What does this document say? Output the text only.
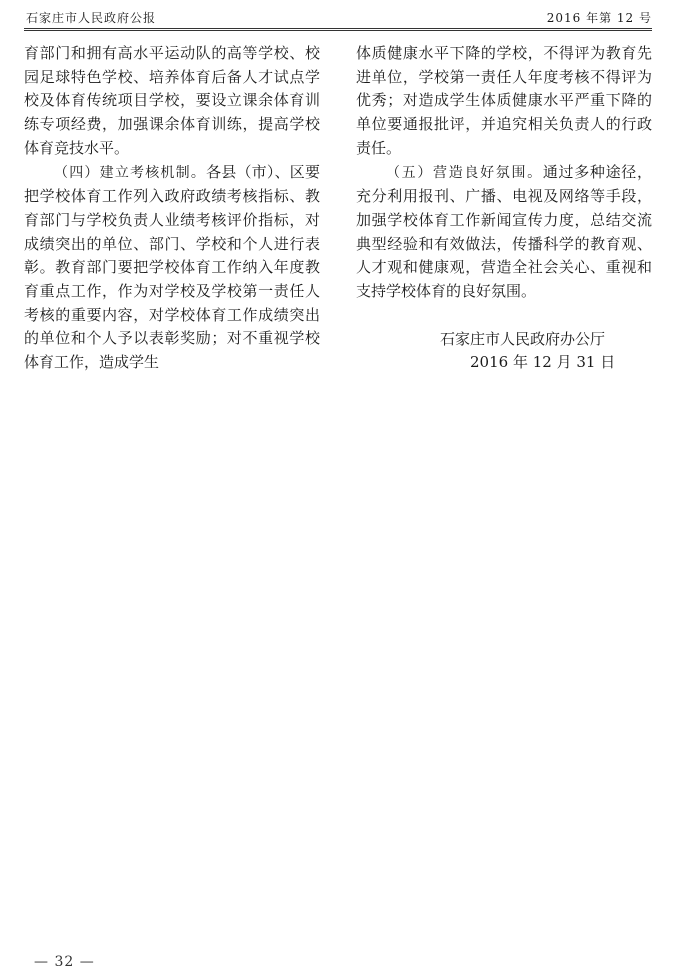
石家庄市人民政府公报	2016 年第 12 号

育部门和拥有高水平运动队的高等学校、校园足球特色学校、培养体育后备人才试点学校及体育传统项目学校，要设立课余体育训练专项经费，加强课余体育训练，提高学校体育竞技水平。

（四）建立考核机制。各县（市）、区要把学校体育工作列入政府政绩考核指标、教育部门与学校负责人业绩考核评价指标，对成绩突出的单位、部门、学校和个人进行表彰。教育部门要把学校体育工作纳入年度教育重点工作，作为对学校及学校第一责任人考核的重要内容，对学校体育工作成绩突出的单位和个人予以表彰奖励；对不重视学校体育工作，造成学生

体质健康水平下降的学校，不得评为教育先进单位，学校第一责任人年度考核不得评为优秀；对造成学生体质健康水平严重下降的单位要通报批评，并追究相关负责人的行政责任。

（五）营造良好氛围。通过多种途径，充分利用报刊、广播、电视及网络等手段，加强学校体育工作新闻宣传力度，总结交流典型经验和有效做法，传播科学的教育观、人才观和健康观，营造全社会关心、重视和支持学校体育的良好氛围。

石家庄市人民政府办公厅
2016 年 12 月 31 日
— 32 —
